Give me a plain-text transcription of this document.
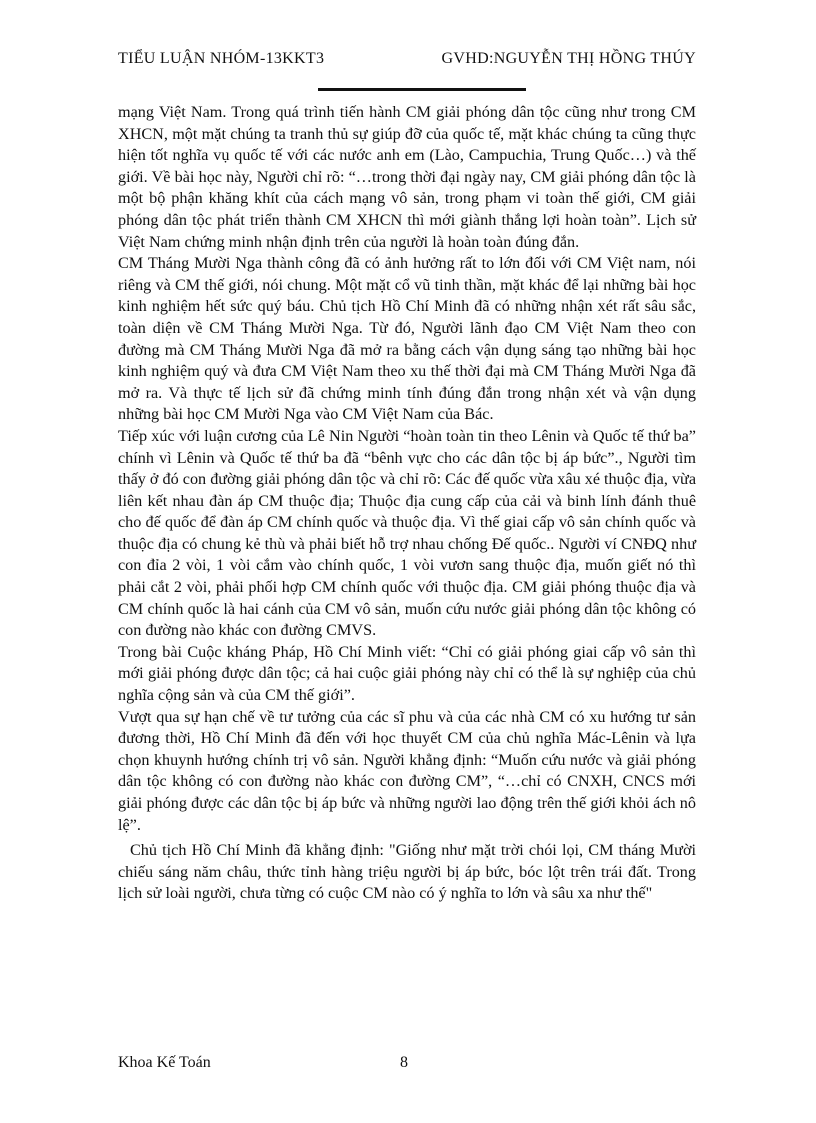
TIỂU LUẬN NHÓM-13KKT3	GVHD:NGUYỄN THỊ HỒNG THÚY

mạng Việt Nam. Trong quá trình tiến hành CM giải phóng dân tộc cũng như trong CM XHCN, một mặt chúng ta tranh thủ sự giúp đỡ của quốc tế, mặt khác chúng ta cũng thực hiện tốt nghĩa vụ quốc tế với các nước anh em (Lào, Campuchia, Trung Quốc…) và thế giới. Về bài học này, Người chỉ rõ: “…trong thời đại ngày nay, CM giải phóng dân tộc là một bộ phận khăng khít của cách mạng vô sản, trong phạm vi toàn thế giới, CM giải phóng dân tộc phát triển thành CM XHCN thì mới giành thắng lợi hoàn toàn”. Lịch sử Việt Nam chứng minh nhận định trên của người là hoàn toàn đúng đắn.

CM Tháng Mười Nga thành công đã có ảnh hưởng rất to lớn đối với CM Việt nam, nói riêng và CM thế giới, nói chung. Một mặt cổ vũ tinh thần, mặt khác để lại những bài học kinh nghiệm hết sức quý báu. Chủ tịch Hồ Chí Minh đã có những nhận xét rất sâu sắc, toàn diện về CM Tháng Mười Nga. Từ đó, Người lãnh đạo CM Việt Nam theo con đường mà CM Tháng Mười Nga đã mở ra bằng cách vận dụng sáng tạo những bài học kinh nghiệm quý và đưa CM Việt Nam theo xu thế thời đại mà CM Tháng Mười Nga đã mở ra. Và thực tế lịch sử đã chứng minh tính đúng đắn trong nhận xét và vận dụng những bài học CM Mười Nga vào CM Việt Nam của Bác.

Tiếp xúc với luận cương của Lê Nin Người “hoàn toàn tin theo Lênin và Quốc tế thứ ba” chính vì Lênin và Quốc tế thứ ba đã “bênh vực cho các dân tộc bị áp bức”., Người tìm thấy ở đó con đường giải phóng dân tộc và chỉ rõ: Các đế quốc vừa xâu xé thuộc địa, vừa liên kết nhau đàn áp CM thuộc địa; Thuộc địa cung cấp của cải và binh lính đánh thuê cho đế quốc để đàn áp CM chính quốc và thuộc địa. Vì thế giai cấp vô sản chính quốc và thuộc địa có chung kẻ thù và phải biết hỗ trợ nhau chống Đế quốc.. Người ví CNĐQ như con đỉa 2 vòi, 1 vòi cắm vào chính quốc, 1 vòi vươn sang thuộc địa, muốn giết nó thì phải cắt 2 vòi, phải phối hợp CM chính quốc với thuộc địa. CM giải phóng thuộc địa và CM chính quốc là hai cánh của CM vô sản, muốn cứu nước giải phóng dân tộc không có con đường nào khác con đường CMVS.

Trong bài Cuộc kháng Pháp, Hồ Chí Minh viết: “Chỉ có giải phóng giai cấp vô sản thì mới giải phóng được dân tộc; cả hai cuộc giải phóng này chỉ có thể là sự nghiệp của chủ nghĩa cộng sản và của CM thế giới”.

Vượt qua sự hạn chế về tư tưởng của các sĩ phu và của các nhà CM có xu hướng tư sản đương thời, Hồ Chí Minh đã đến với học thuyết CM của chủ nghĩa Mác-Lênin và lựa chọn khuynh hướng chính trị vô sản. Người khẳng định: “Muốn cứu nước và giải phóng dân tộc không có con đường nào khác con đường CM”, “…chỉ có CNXH, CNCS mới giải phóng được các dân tộc bị áp bức và những người lao động trên thế giới khỏi ách nô lệ”.

Chủ tịch Hồ Chí Minh đã khẳng định: "Giống như mặt trời chói lọi, CM tháng Mười chiếu sáng năm châu, thức tỉnh hàng triệu người bị áp bức, bóc lột trên trái đất. Trong lịch sử loài người, chưa từng có cuộc CM nào có ý nghĩa to lớn và sâu xa như thế"

Khoa Kế Toán	8
